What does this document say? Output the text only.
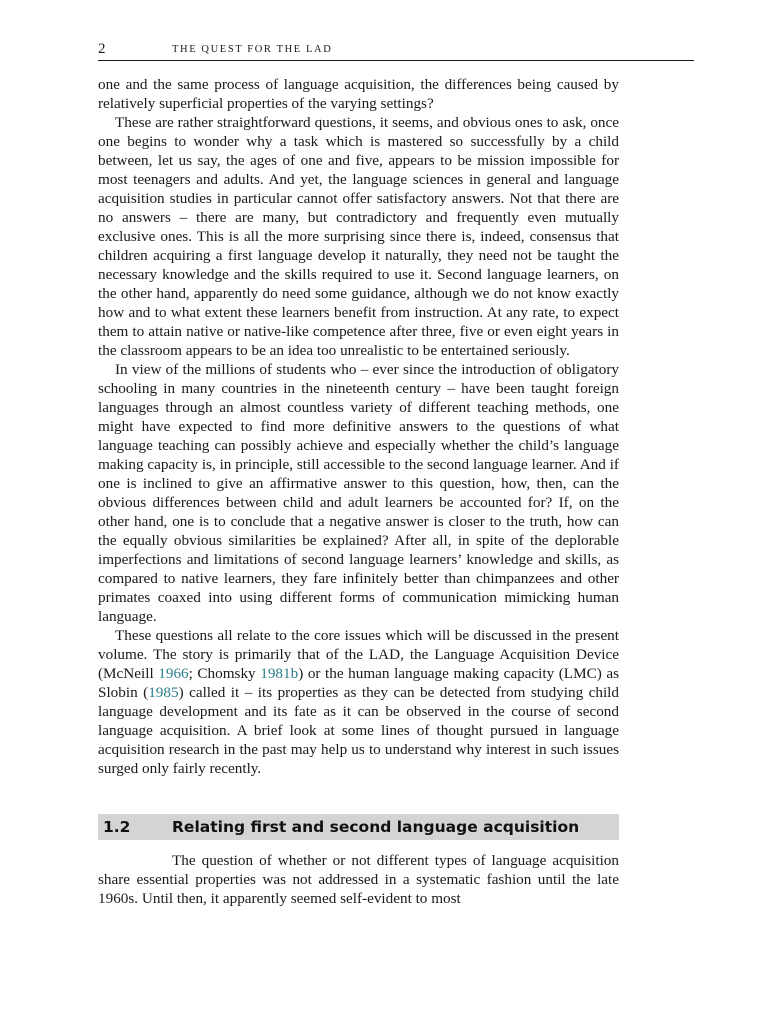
2	THE QUEST FOR THE LAD

one and the same process of language acquisition, the differences being caused by relatively superficial properties of the varying settings?

These are rather straightforward questions, it seems, and obvious ones to ask, once one begins to wonder why a task which is mastered so successfully by a child between, let us say, the ages of one and five, appears to be mission impossible for most teenagers and adults. And yet, the language sciences in general and language acquisition studies in particular cannot offer satisfactory answers. Not that there are no answers – there are many, but contradictory and frequently even mutually exclusive ones. This is all the more surprising since there is, indeed, consensus that children acquiring a first language develop it naturally, they need not be taught the necessary knowledge and the skills required to use it. Second language learners, on the other hand, apparently do need some guidance, although we do not know exactly how and to what extent these learners benefit from instruction. At any rate, to expect them to attain native or native-like competence after three, five or even eight years in the classroom appears to be an idea too unrealistic to be entertained seriously.

In view of the millions of students who – ever since the introduction of obligatory schooling in many countries in the nineteenth century – have been taught foreign languages through an almost countless variety of different teaching methods, one might have expected to find more definitive answers to the questions of what language teaching can possibly achieve and especially whether the child’s language making capacity is, in principle, still accessible to the second language learner. And if one is inclined to give an affirmative answer to this question, how, then, can the obvious differences between child and adult learners be accounted for? If, on the other hand, one is to conclude that a negative answer is closer to the truth, how can the equally obvious similarities be explained? After all, in spite of the deplorable imperfections and limitations of second language learners’ knowledge and skills, as compared to native learners, they fare infinitely better than chimpanzees and other primates coaxed into using different forms of communication mimicking human language.

These questions all relate to the core issues which will be discussed in the present volume. The story is primarily that of the LAD, the Language Acquisition Device (McNeill 1966; Chomsky 1981b) or the human language making capacity (LMC) as Slobin (1985) called it – its properties as they can be detected from studying child language development and its fate as it can be observed in the course of second language acquisition. A brief look at some lines of thought pursued in language acquisition research in the past may help us to understand why interest in such issues surged only fairly recently.

1.2	Relating first and second language acquisition

The question of whether or not different types of language acquisition share essential properties was not addressed in a systematic fashion until the late 1960s. Until then, it apparently seemed self-evident to most
